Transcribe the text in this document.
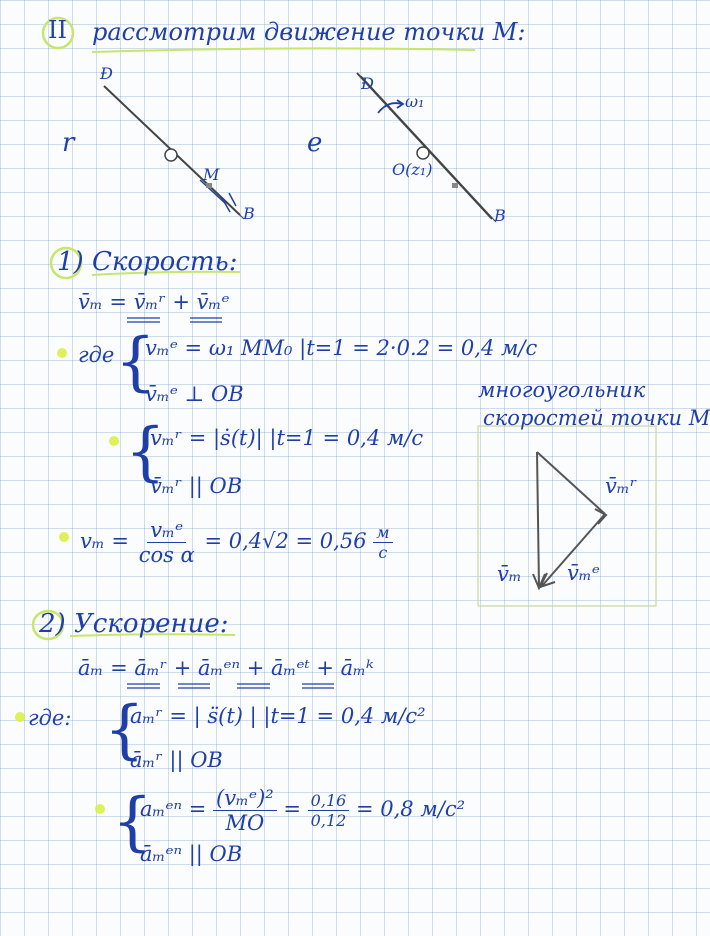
II рассмотрим движение точки М:
r
Ð
М
В
e
Ð
ω₁
O(z₁)
В
1) Скорость:
v̄ₘ = v̄ₘʳ + v̄ₘᵉ
где {
vₘᵉ = ω₁ MM₀ |t=1 = 2·0.2 = 0,4 м/с
v̄ₘᵉ ⊥ OB
{
vₘʳ = |ṡ(t)| |t=1 = 0,4 м/с
v̄ₘʳ || OB
$v_m = \frac{\text{vₘᵉ}}{\text{cos α}} = 0,4√2 = 0,56 \frac{м}{с}$
многоугольник
скоростей точки М
v̄ₘʳ
v̄ₘ v̄ₘᵉ
2) Ускорение:
āₘ = āₘʳ + āₘᵉⁿ + āₘᵉᵗ + āₘᵏ
где: {
aₘʳ = | s̈(t) | |t=1 = 0,4 м/с²
āₘʳ || OB
{
aₘᵉⁿ = $\frac{\text{(vₘᵉ)²}}{MO} = \frac{0,16}{0,12} = 0,8$ м/с²
āₘᵉⁿ || OB
